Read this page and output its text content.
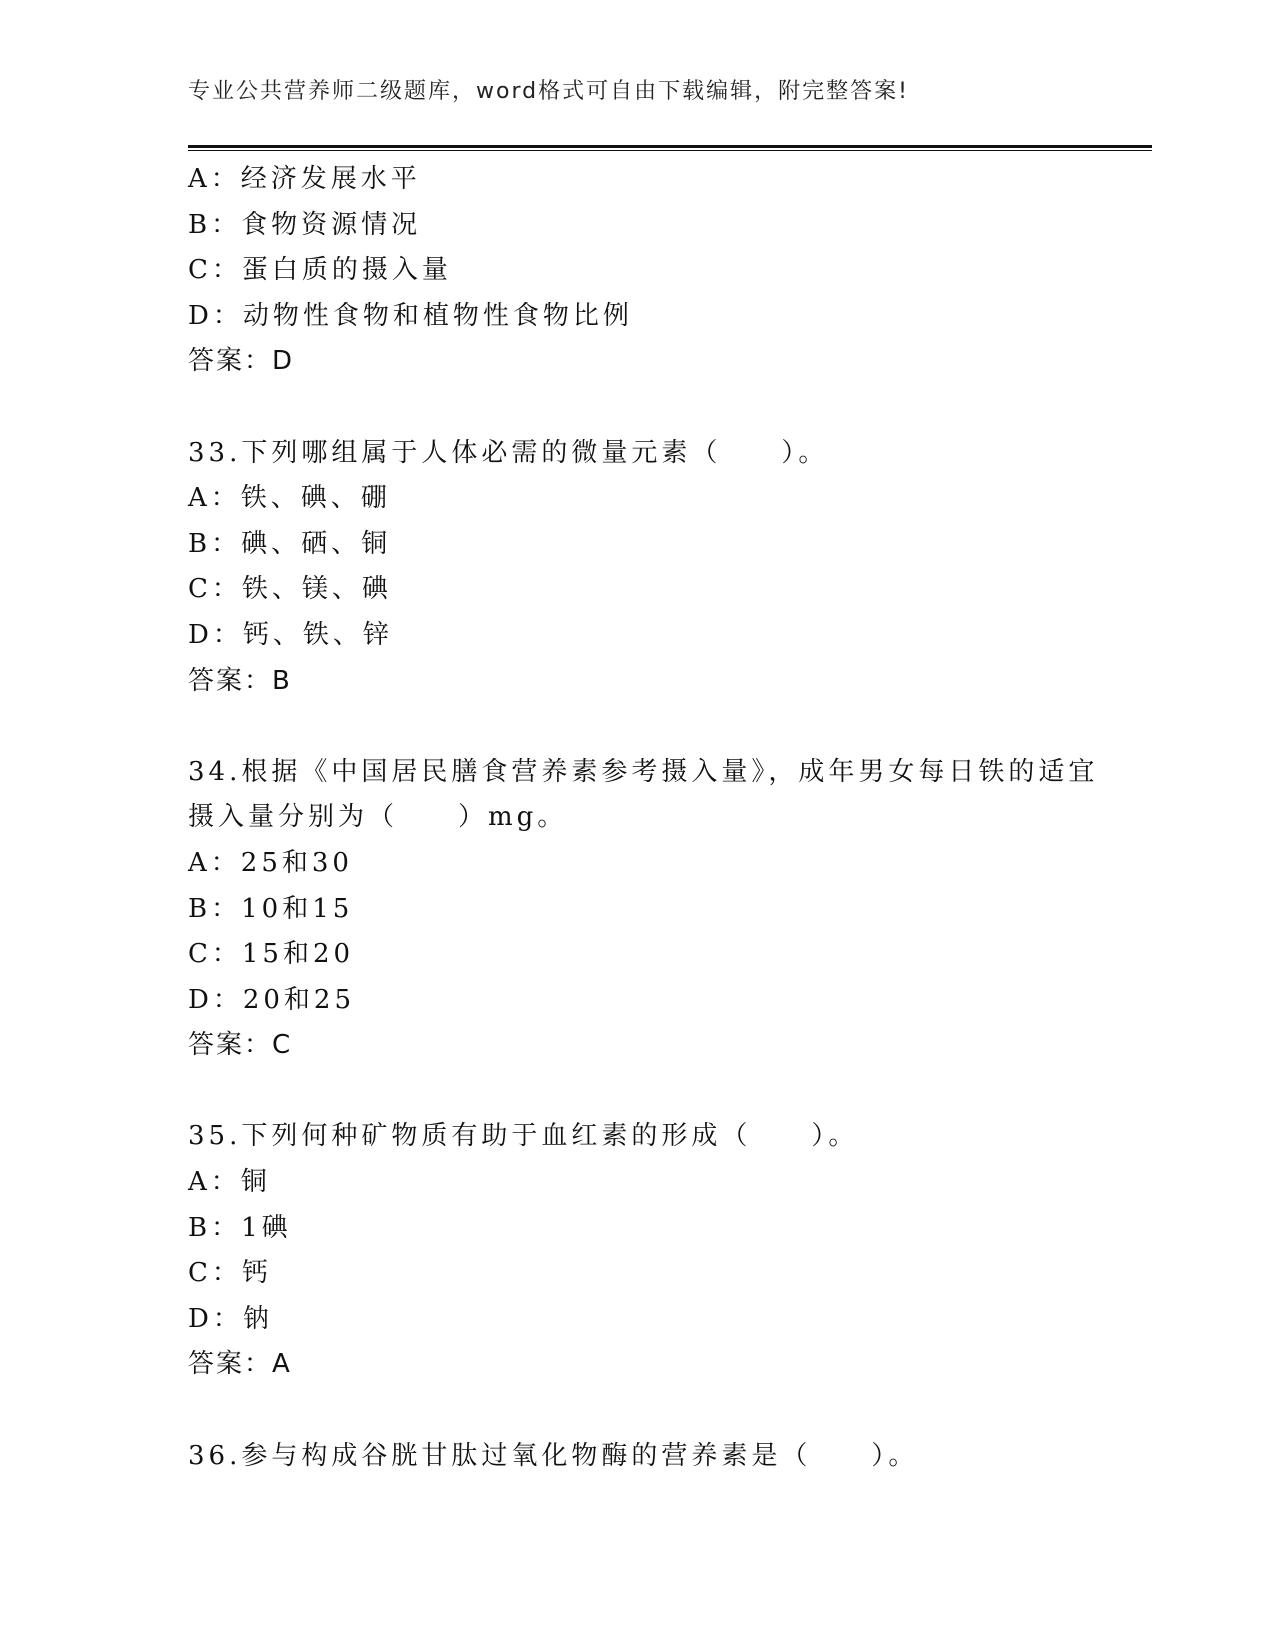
专业公共营养师二级题库，word格式可自由下载编辑，附完整答案!
A：经济发展水平
B：食物资源情况
C：蛋白质的摄入量
D：动物性食物和植物性食物比例
答案：D
33.下列哪组属于人体必需的微量元素（　　）。
A：铁、碘、硼
B：碘、硒、铜
C：铁、镁、碘
D：钙、铁、锌
答案：B
34.根据《中国居民膳食营养素参考摄入量》，成年男女每日铁的适宜
摄入量分别为（　　）mg。
A：25和30
B：10和15
C：15和20
D：20和25
答案：C
35.下列何种矿物质有助于血红素的形成（　　）。
A：铜
B：1碘
C：钙
D：钠
答案：A
36.参与构成谷胱甘肽过氧化物酶的营养素是（　　）。
